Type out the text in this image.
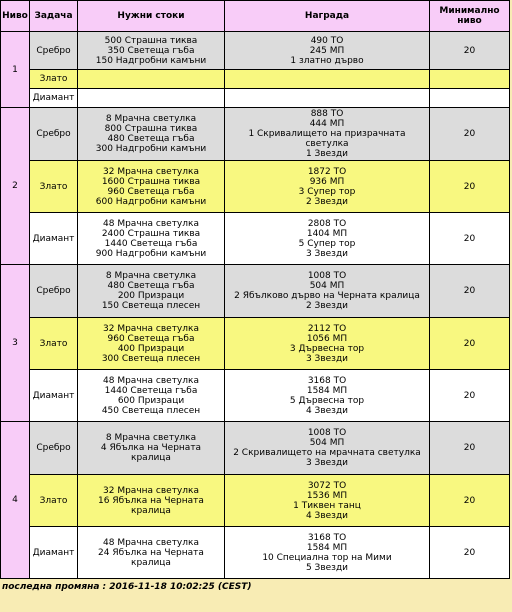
Ниво	Задача	Нужни стоки	Награда	Минимално ниво
1	Сребро	500 Страшна тиква
350 Светеща гъба
150 Надгробни камъни	490 ТО
245 МП
1 златно дърво	20
	Злато			
	Диамант			
2	Сребро	8 Мрачна светулка
800 Страшна тиква
480 Светеща гъба
300 Надгробни камъни	888 ТО
444 МП
1 Скривалището на призрачната
светулка
1 Звезди	20
	Злато	32 Мрачна светулка
1600 Страшна тиква
960 Светеща гъба
600 Надгробни камъни	1872 ТО
936 МП
3 Супер тор
2 Звезди	20
	Диамант	48 Мрачна светулка
2400 Страшна тиква
1440 Светеща гъба
900 Надгробни камъни	2808 ТО
1404 МП
5 Супер тор
3 Звезди	20
3	Сребро	8 Мрачна светулка
480 Светеща гъба
200 Призраци
150 Светеща плесен	1008 ТО
504 МП
2 Ябълково дърво на Черната кралица
2 Звезди	20
	Злато	32 Мрачна светулка
960 Светеща гъба
400 Призраци
300 Светеща плесен	2112 ТО
1056 МП
3 Дървесна тор
3 Звезди	20
	Диамант	48 Мрачна светулка
1440 Светеща гъба
600 Призраци
450 Светеща плесен	3168 ТО
1584 МП
5 Дървесна тор
4 Звезди	20
4	Сребро	8 Мрачна светулка
4 Ябълка на Черната
кралица	1008 ТО
504 МП
2 Скривалището на мрачната светулка
3 Звезди	20
	Злато	32 Мрачна светулка
16 Ябълка на Черната
кралица	3072 ТО
1536 МП
1 Тиквен танц
4 Звезди	20
	Диамант	48 Мрачна светулка
24 Ябълка на Черната
кралица	3168 ТО
1584 МП
10 Специална тор на Мими
5 Звезди	20
последна промяна : 2016-11-18 10:02:25 (CEST)
